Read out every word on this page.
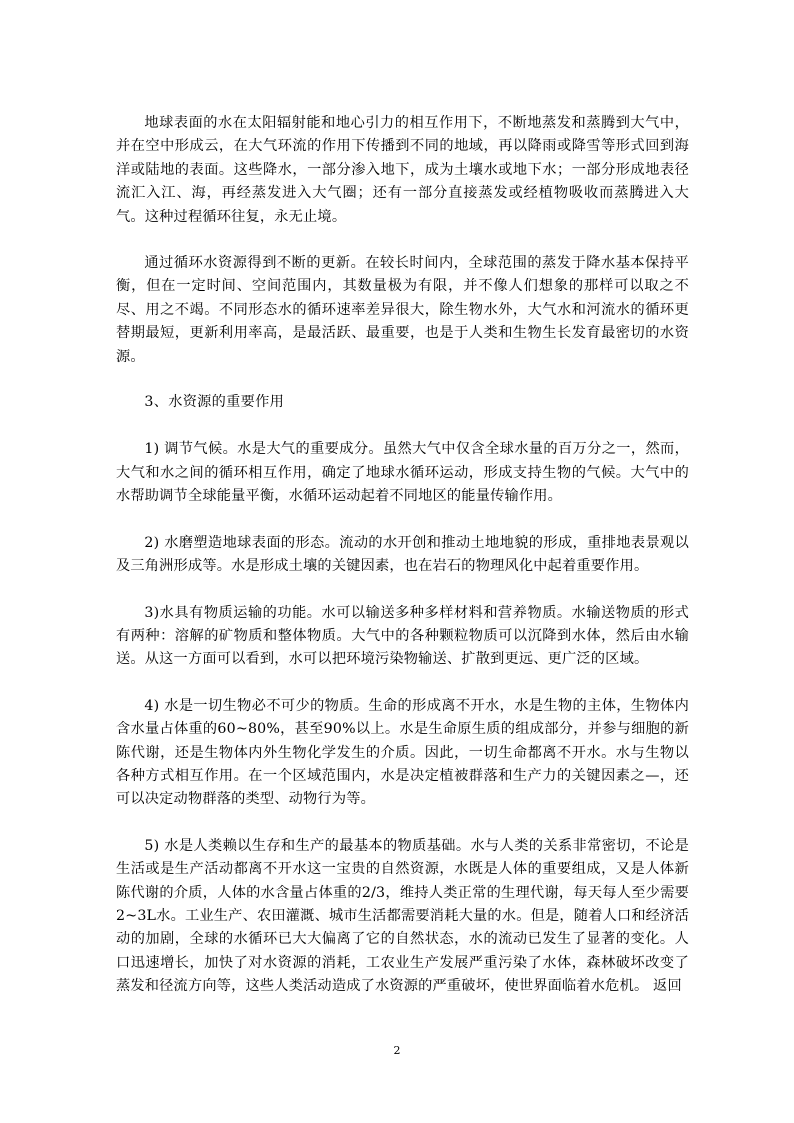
地球表面的水在太阳辐射能和地心引力的相互作用下，不断地蒸发和蒸腾到大气中，并在空中形成云，在大气环流的作用下传播到不同的地域，再以降雨或降雪等形式回到海洋或陆地的表面。这些降水，一部分渗入地下，成为土壤水或地下水；一部分形成地表径流汇入江、海，再经蒸发进入大气圈；还有一部分直接蒸发或经植物吸收而蒸腾进入大气。这种过程循环往复，永无止境。

通过循环水资源得到不断的更新。在较长时间内，全球范围的蒸发于降水基本保持平衡，但在一定时间、空间范围内，其数量极为有限，并不像人们想象的那样可以取之不尽、用之不竭。不同形态水的循环速率差异很大，除生物水外，大气水和河流水的循环更替期最短，更新利用率高，是最活跃、最重要，也是于人类和生物生长发育最密切的水资源。

3、水资源的重要作用

1) 调节气候。水是大气的重要成分。虽然大气中仅含全球水量的百万分之一，然而，大气和水之间的循环相互作用，确定了地球水循环运动，形成支持生物的气候。大气中的水帮助调节全球能量平衡，水循环运动起着不同地区的能量传输作用。

2) 水磨塑造地球表面的形态。流动的水开创和推动土地地貌的形成，重排地表景观以及三角洲形成等。水是形成土壤的关键因素，也在岩石的物理风化中起着重要作用。

3)水具有物质运输的功能。水可以输送多种多样材料和营养物质。水输送物质的形式有两种：溶解的矿物质和整体物质。大气中的各种颗粒物质可以沉降到水体，然后由水输送。从这一方面可以看到，水可以把环境污染物输送、扩散到更远、更广泛的区域。

4) 水是一切生物必不可少的物质。生命的形成离不开水，水是生物的主体，生物体内含水量占体重的60~80%，甚至90%以上。水是生命原生质的组成部分，并参与细胞的新陈代谢，还是生物体内外生物化学发生的介质。因此，一切生命都离不开水。水与生物以各种方式相互作用。在一个区域范围内，水是决定植被群落和生产力的关键因素之—，还可以决定动物群落的类型、动物行为等。

5) 水是人类赖以生存和生产的最基本的物质基础。水与人类的关系非常密切，不论是生活或是生产活动都离不开水这一宝贵的自然资源，水既是人体的重要组成，又是人体新陈代谢的介质，人体的水含量占体重的2/3，维持人类正常的生理代谢，每天每人至少需要2~3L水。工业生产、农田灌溉、城市生活都需要消耗大量的水。但是，随着人口和经济活动的加剧，全球的水循环已大大偏离了它的自然状态，水的流动已发生了显著的变化。人口迅速增长，加快了对水资源的消耗，工农业生产发展严重污染了水体，森林破坏改变了蒸发和径流方向等，这些人类活动造成了水资源的严重破坏，使世界面临着水危机。 返回

2
